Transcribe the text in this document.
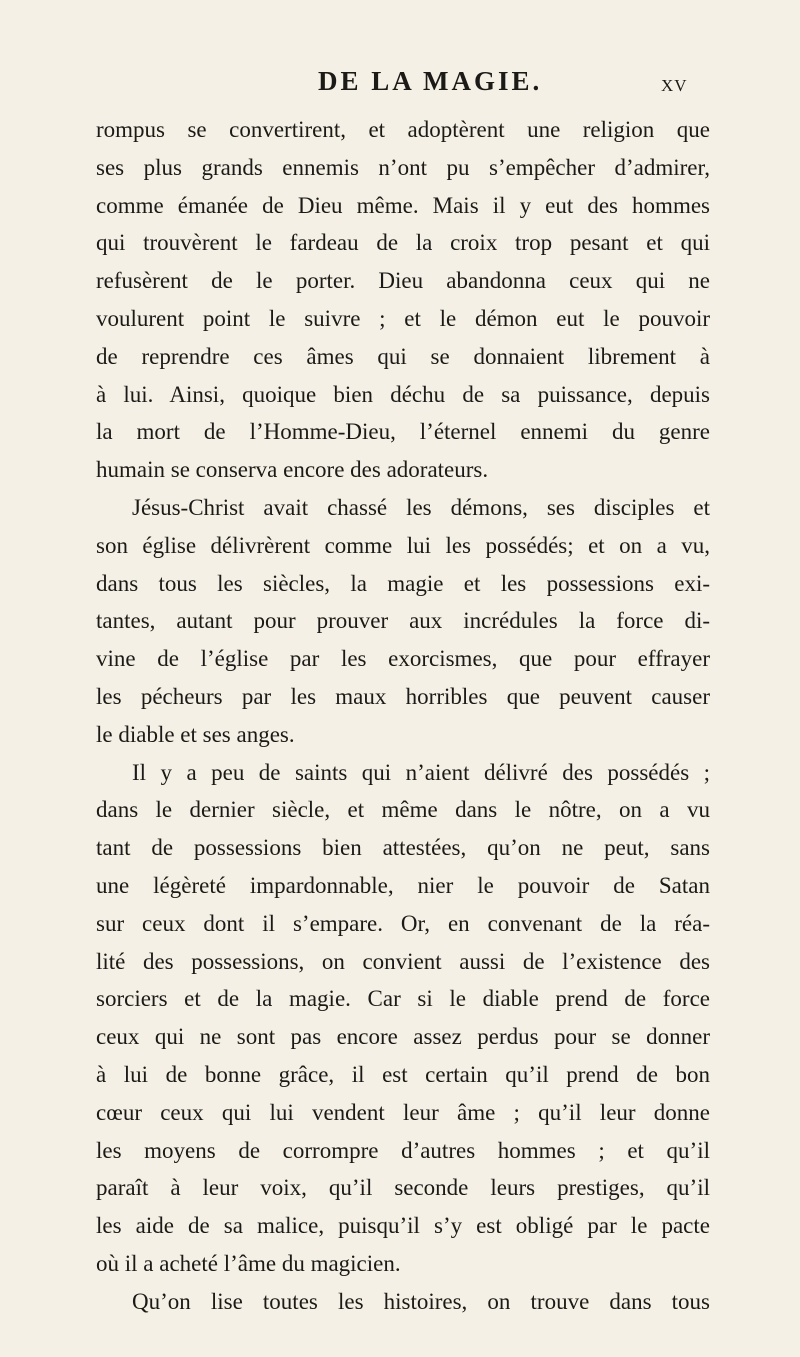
DE LA MAGIE.	XV
rompus se convertirent, et adoptèrent une religion que
ses plus grands ennemis n’ont pu s’empêcher d’admirer,
comme émanée de Dieu même. Mais il y eut des hommes
qui trouvèrent le fardeau de la croix trop pesant et qui
refusèrent de le porter. Dieu abandonna ceux qui ne
voulurent point le suivre ; et le démon eut le pouvoir
de reprendre ces âmes qui se donnaient librement à
à lui. Ainsi, quoique bien déchu de sa puissance, depuis
la mort de l’Homme-Dieu, l’éternel ennemi du genre
humain se conserva encore des adorateurs.
Jésus-Christ avait chassé les démons, ses disciples et
son église délivrèrent comme lui les possédés; et on a vu,
dans tous les siècles, la magie et les possessions exi-
tantes, autant pour prouver aux incrédules la force di-
vine de l’église par les exorcismes, que pour effrayer
les pécheurs par les maux horribles que peuvent causer
le diable et ses anges.
Il y a peu de saints qui n’aient délivré des possédés ;
dans le dernier siècle, et même dans le nôtre, on a vu
tant de possessions bien attestées, qu’on ne peut, sans
une légèreté impardonnable, nier le pouvoir de Satan
sur ceux dont il s’empare. Or, en convenant de la réa-
lité des possessions, on convient aussi de l’existence des
sorciers et de la magie. Car si le diable prend de force
ceux qui ne sont pas encore assez perdus pour se donner
à lui de bonne grâce, il est certain qu’il prend de bon
cœur ceux qui lui vendent leur âme ; qu’il leur donne
les moyens de corrompre d’autres hommes ; et qu’il
paraît à leur voix, qu’il seconde leurs prestiges, qu’il
les aide de sa malice, puisqu’il s’y est obligé par le pacte
où il a acheté l’âme du magicien.
Qu’on lise toutes les histoires, on trouve dans tous
